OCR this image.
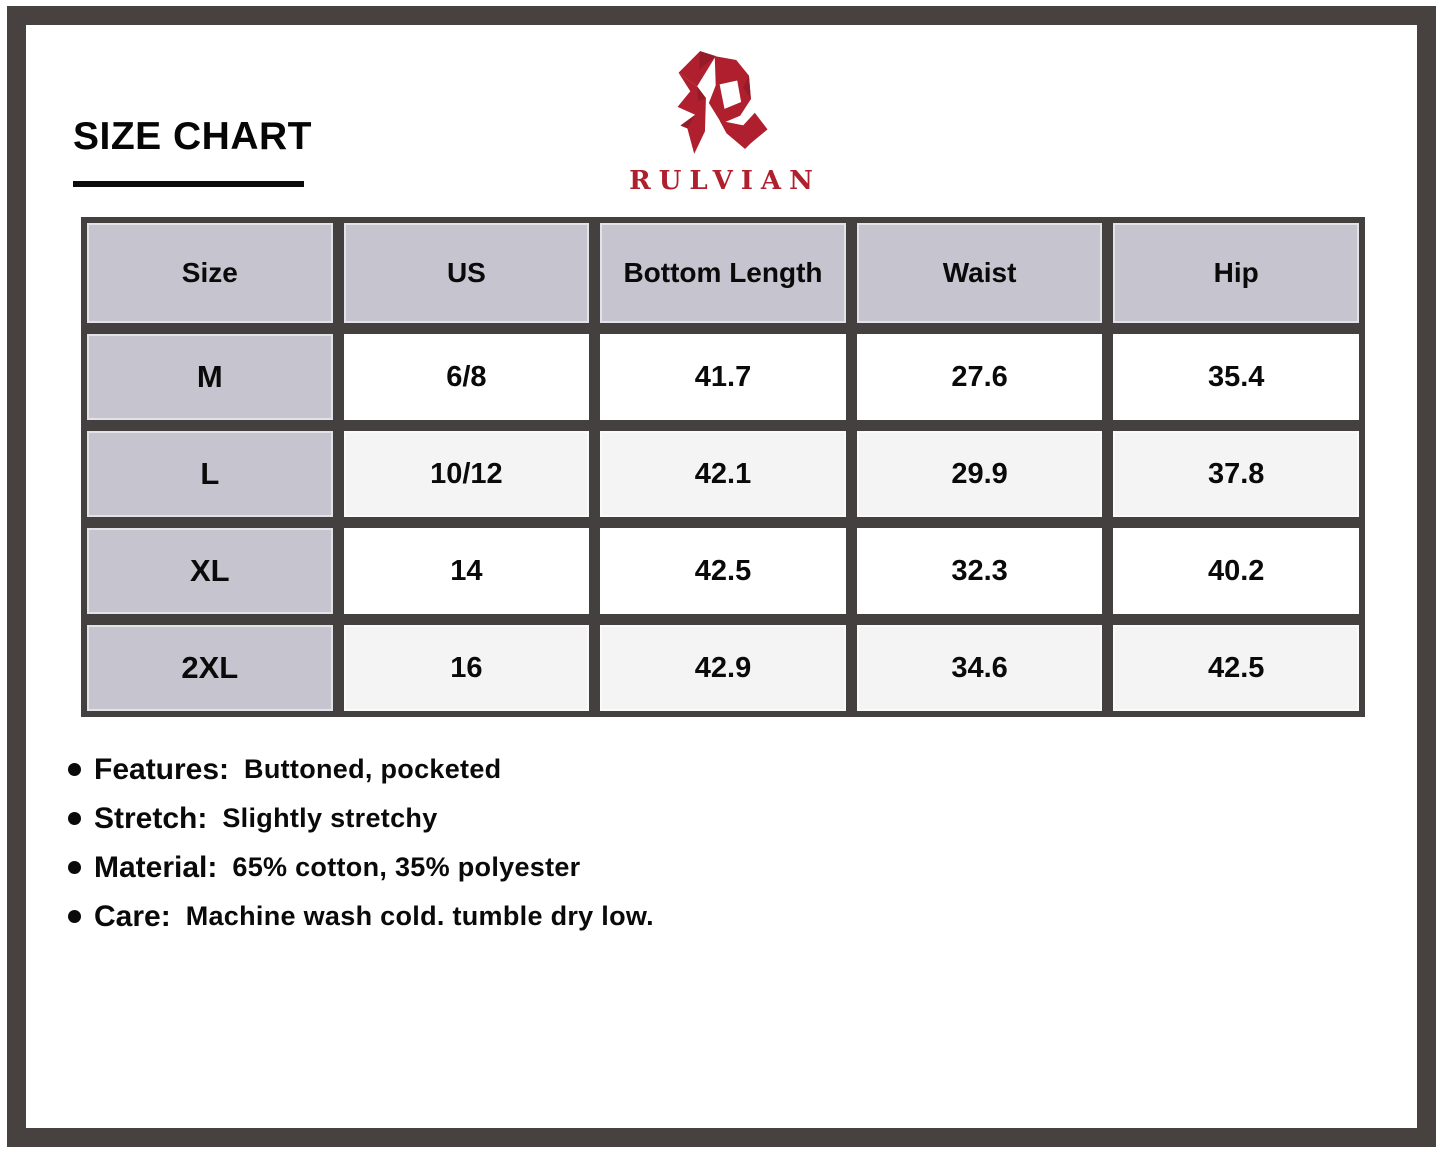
SIZE CHART
RULVIAN
Size	US	Bottom Length	Waist	Hip
M	6/8	41.7	27.6	35.4
L	10/12	42.1	29.9	37.8
XL	14	42.5	32.3	40.2
2XL	16	42.9	34.6	42.5
Features: Buttoned, pocketed
Stretch: Slightly stretchy
Material: 65% cotton, 35% polyester
Care: Machine wash cold. tumble dry low.
